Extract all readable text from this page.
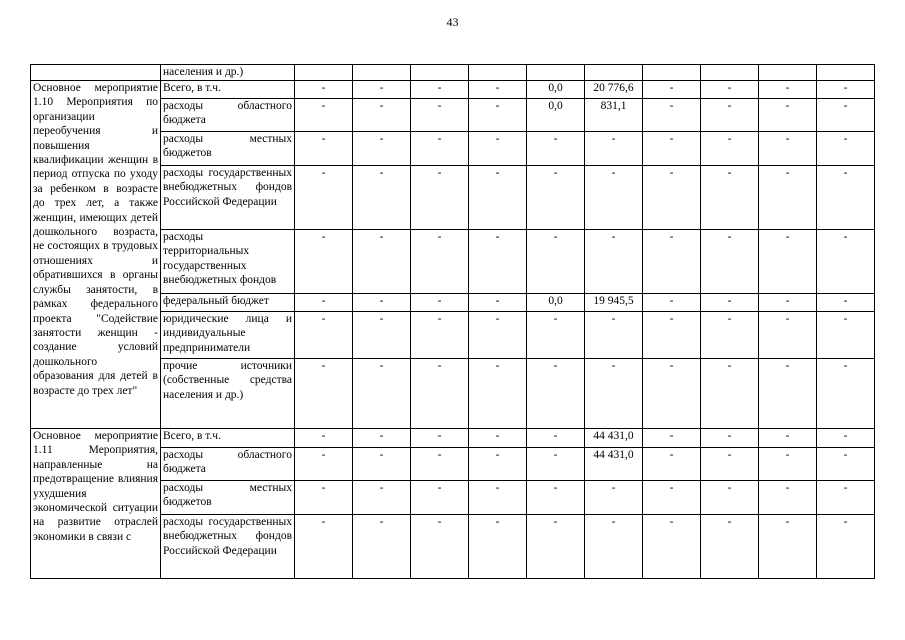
43
	населения и др.)										
Основное мероприятие 1.10 Мероприятия по организации переобучения и повышения квалификации женщин в период отпуска по уходу за ребенком в возрасте до трех лет, а также женщин, имеющих детей дошкольного возраста, не состоящих в трудовых отношениях и обратившихся в органы службы занятости, в рамках федерального проекта "Содействие занятости женщин - создание условий дошкольного образования для детей в возрасте до трех лет"	Всего, в т.ч.	-	-	-	-	0,0	20 776,6	-	-	-	-
	расходы областного бюджета	-	-	-	-	0,0	831,1	-	-	-	-
	расходы местных бюджетов	-	-	-	-	-	-	-	-	-	-
	расходы государственных внебюджетных фондов Российской Федерации	-	-	-	-	-	-	-	-	-	-
	расходы территориальных государственных внебюджетных фондов	-	-	-	-	-	-	-	-	-	-
	федеральный бюджет	-	-	-	-	0,0	19 945,5	-	-	-	-
	юридические лица и индивидуальные предприниматели	-	-	-	-	-	-	-	-	-	-
	прочие источники (собственные средства населения и др.)	-	-	-	-	-	-	-	-	-	-
Основное мероприятие 1.11 Мероприятия, направленные на предотвращение влияния ухудшения экономической ситуации на развитие отраслей экономики в связи с	Всего, в т.ч.	-	-	-	-	-	44 431,0	-	-	-	-
	расходы областного бюджета	-	-	-	-	-	44 431,0	-	-	-	-
	расходы местных бюджетов	-	-	-	-	-	-	-	-	-	-
	расходы государственных внебюджетных фондов Российской Федерации	-	-	-	-	-	-	-	-	-	-
